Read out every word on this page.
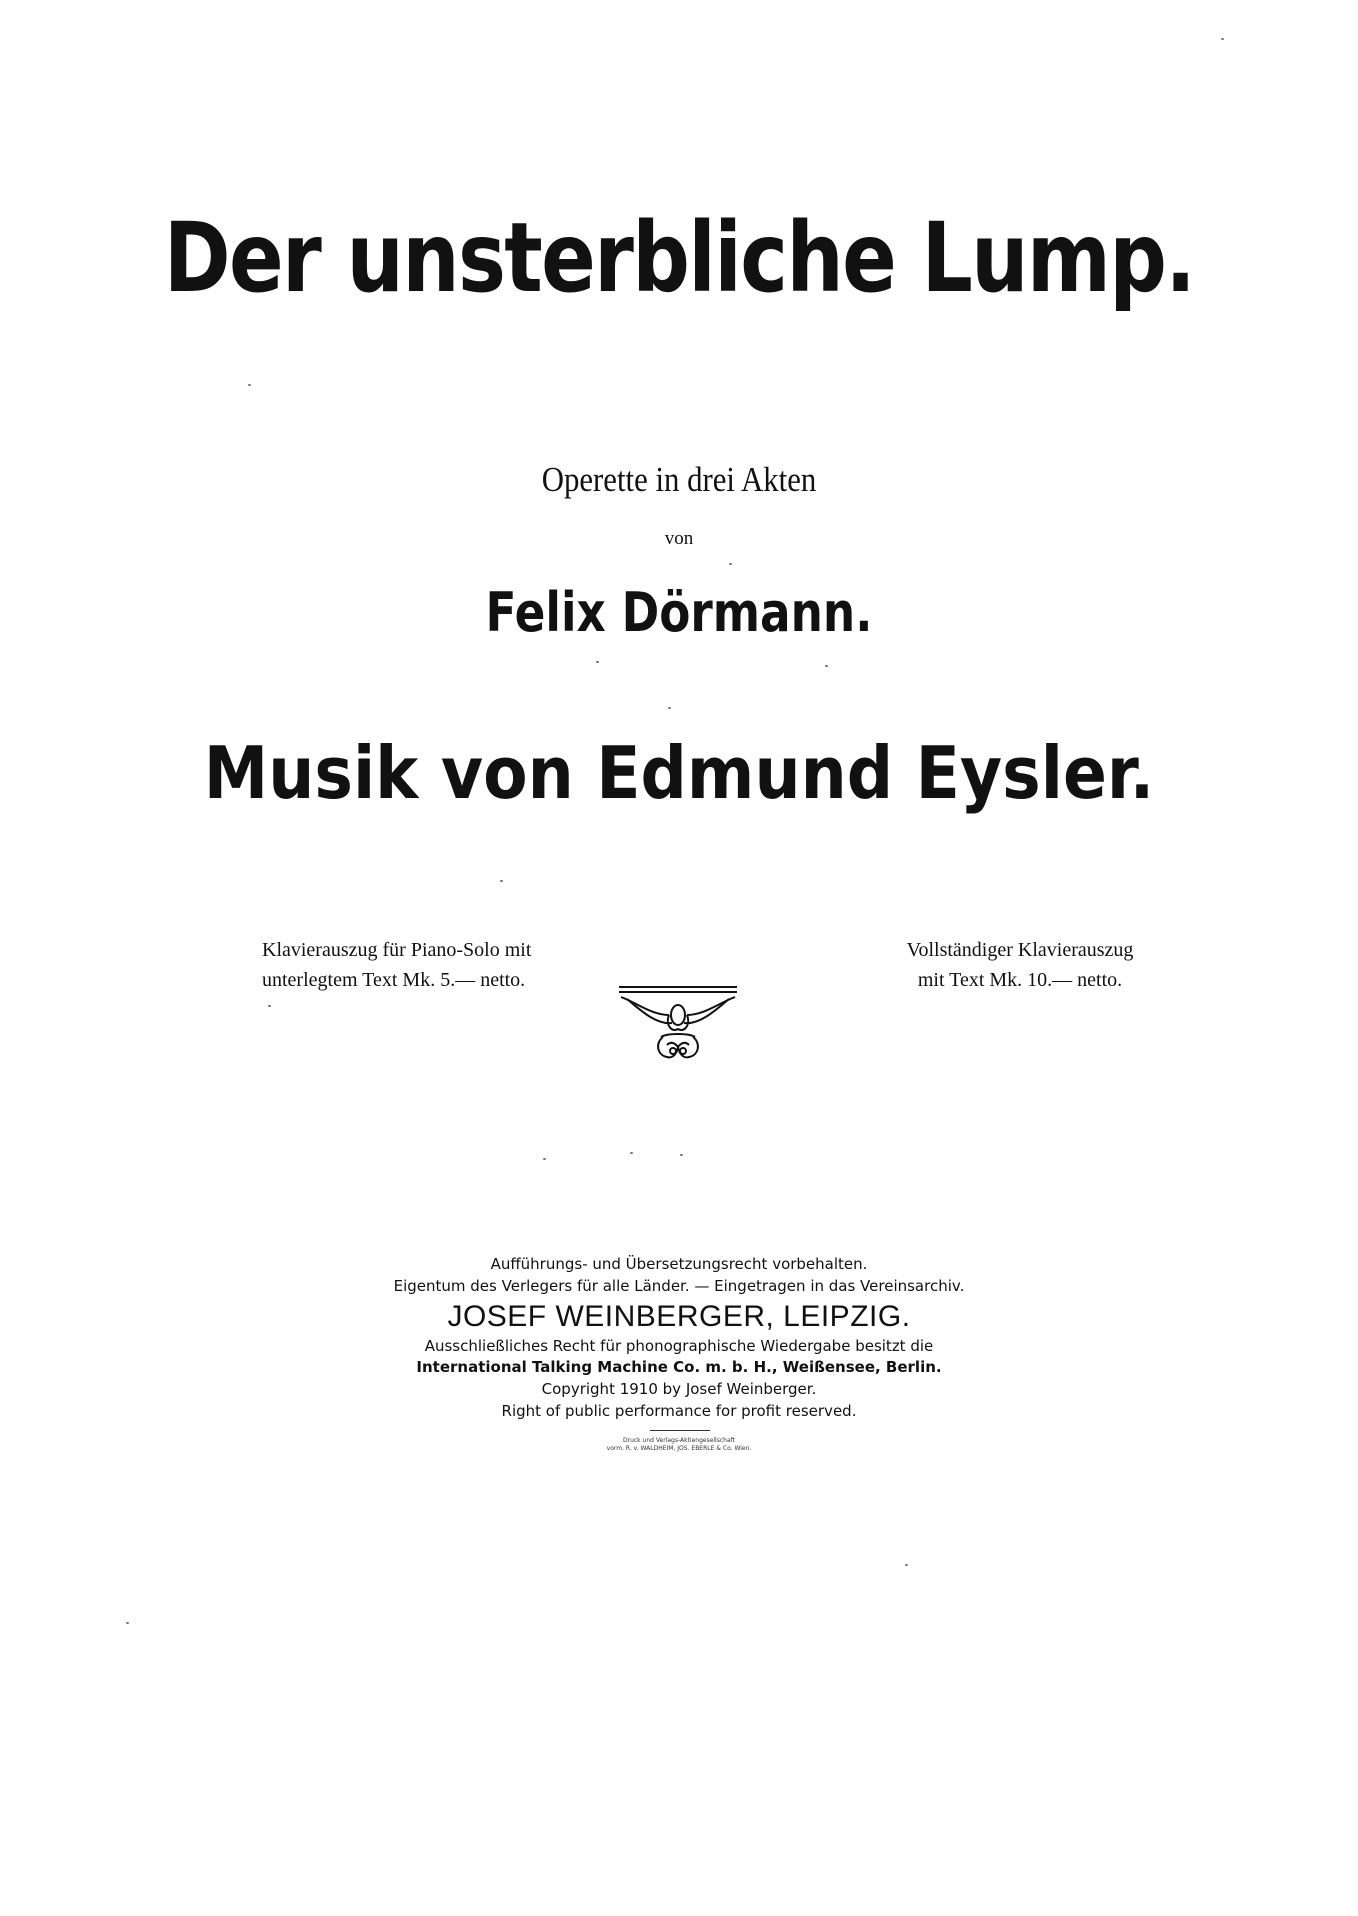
Der unsterbliche Lump.
Operette in drei Akten
von
Felix Dörmann.
Musik von Edmund Eysler.
Klavierauszug für Piano-Solo mit
unterlegtem Text Mk. 5.— netto.
Vollständiger Klavierauszug
mit Text Mk. 10.— netto.
Aufführungs- und Übersetzungsrecht vorbehalten.
Eigentum des Verlegers für alle Länder. — Eingetragen in das Vereinsarchiv.
JOSEF WEINBERGER, LEIPZIG.
Ausschließliches Recht für phonographische Wiedergabe besitzt die
International Talking Machine Co. m. b. H., Weißensee, Berlin.
Copyright 1910 by Josef Weinberger.
Right of public performance for profit reserved.
Druck und Verlags-Aktiengesellschaft
vorm. R. v. WALDHEIM, JOS. EBERLE & Co. Wien.
